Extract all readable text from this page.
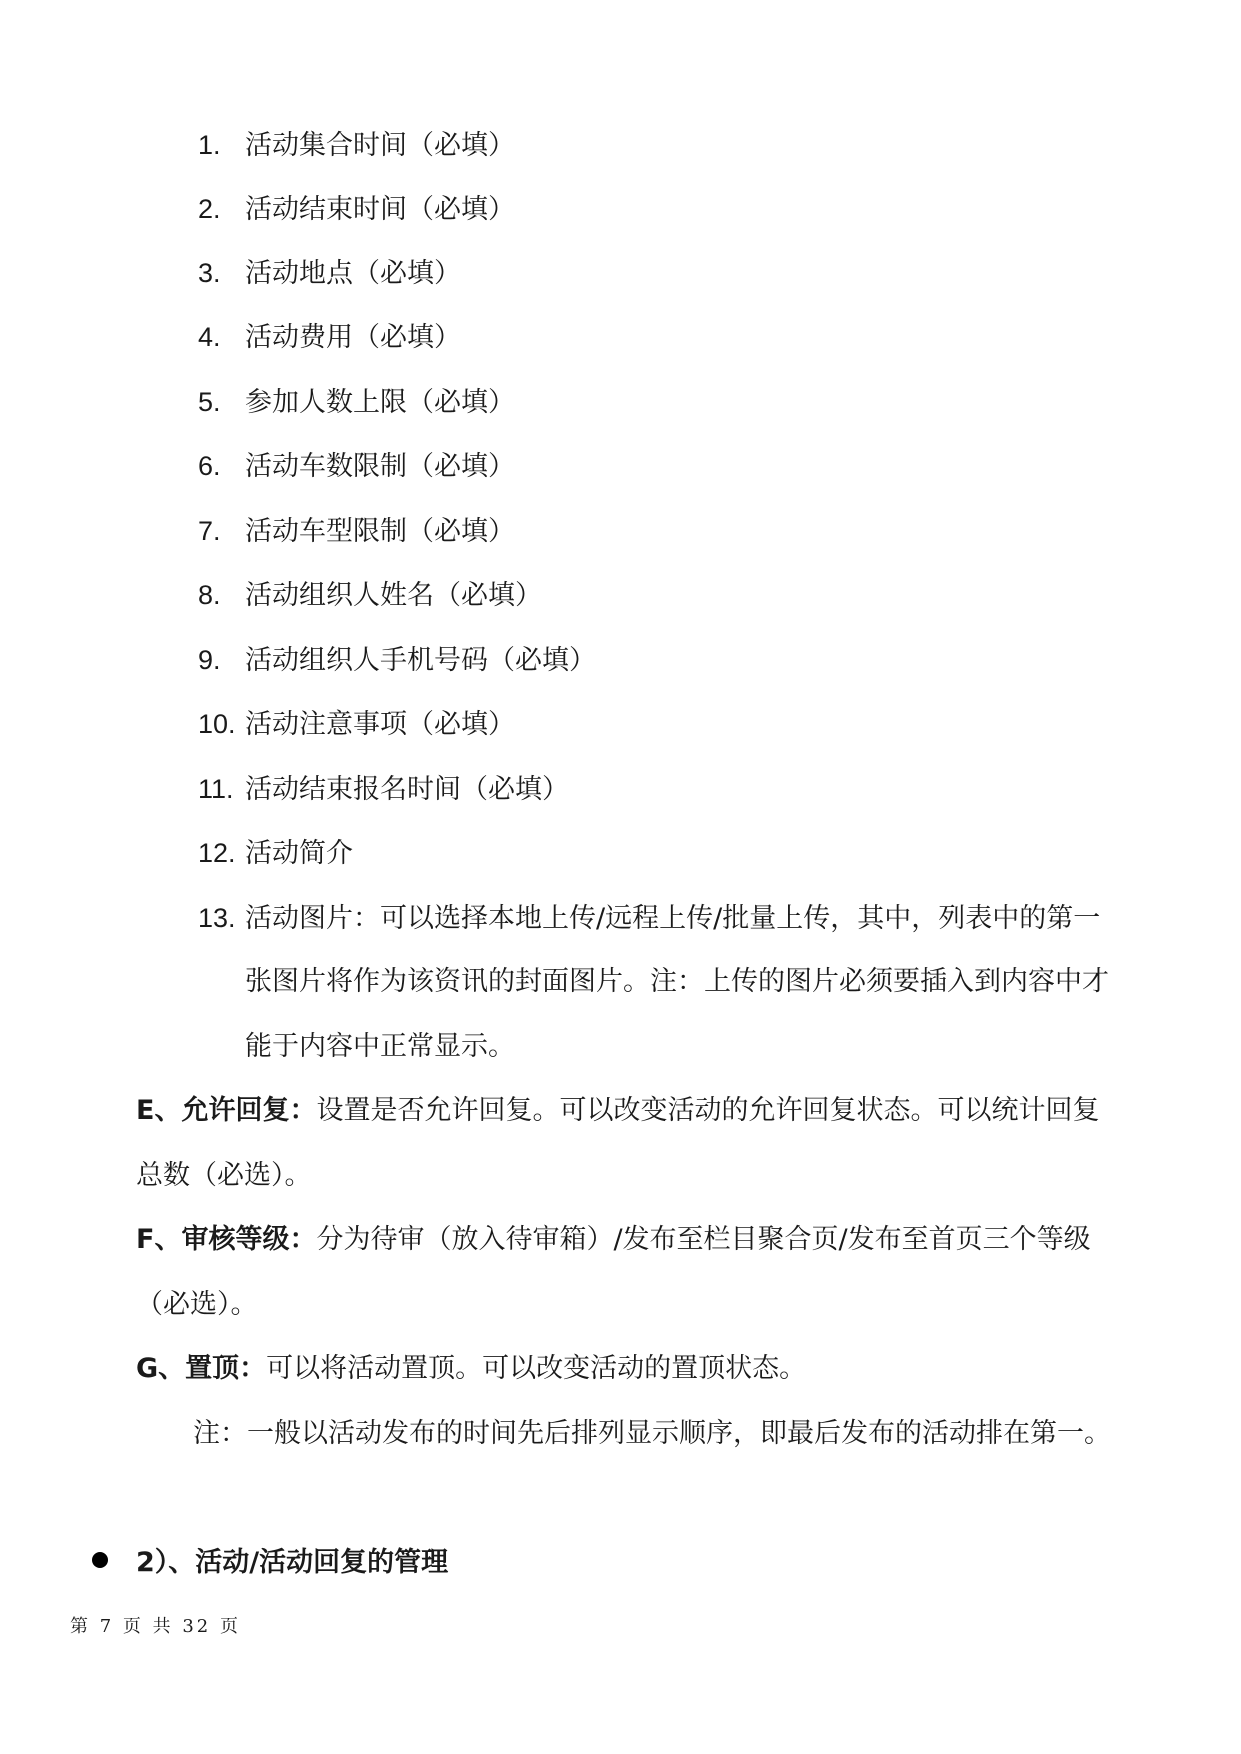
1. 活动集合时间（必填）
2. 活动结束时间（必填）
3. 活动地点（必填）
4. 活动费用（必填）
5. 参加人数上限（必填）
6. 活动车数限制（必填）
7. 活动车型限制（必填）
8. 活动组织人姓名（必填）
9. 活动组织人手机号码（必填）
10. 活动注意事项（必填）
11. 活动结束报名时间（必填）
12. 活动简介
13. 活动图片：可以选择本地上传/远程上传/批量上传，其中，列表中的第一
张图片将作为该资讯的封面图片。注：上传的图片必须要插入到内容中才
能于内容中正常显示。
E、允许回复：设置是否允许回复。可以改变活动的允许回复状态。可以统计回复
总数（必选）。
F、审核等级：分为待审（放入待审箱）/发布至栏目聚合页/发布至首页三个等级
（必选）。
G、置顶：可以将活动置顶。可以改变活动的置顶状态。
注：一般以活动发布的时间先后排列显示顺序，即最后发布的活动排在第一。
2）、活动/活动回复的管理
第 7 页 共 32 页
